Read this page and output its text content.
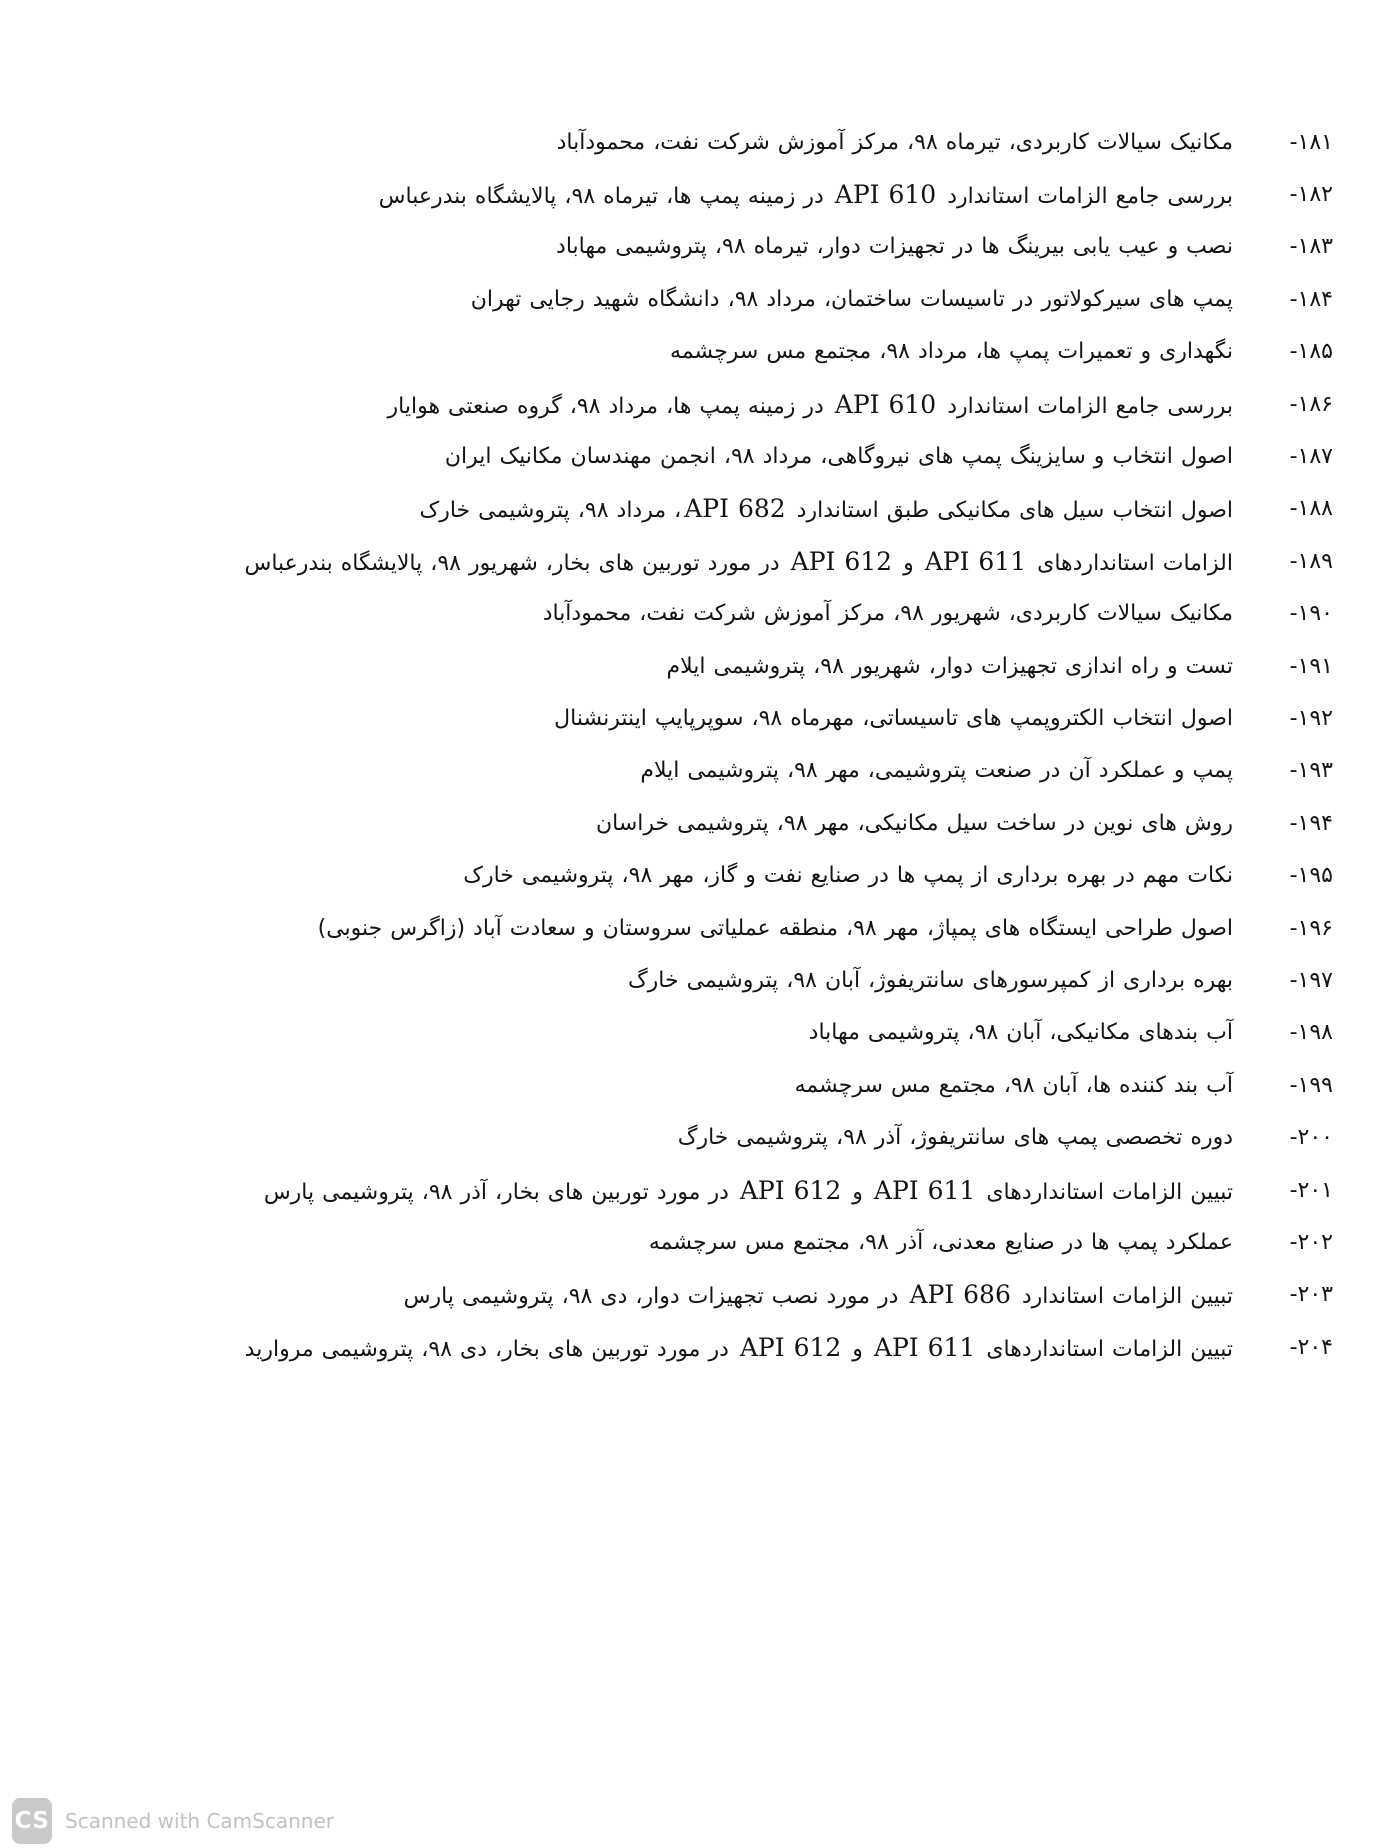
۱۸۱-
مکانیک سیالات کاربردی، تیرماه ۹۸، مرکز آموزش شرکت نفت، محمودآباد
۱۸۲-
بررسی جامع الزامات استاندارد API 610 در زمینه پمپ ها، تیرماه ۹۸، پالایشگاه بندرعباس
۱۸۳-
نصب و عیب یابی بیرینگ ها در تجهیزات دوار، تیرماه ۹۸، پتروشیمی مهاباد
۱۸۴-
پمپ های سیرکولاتور در تاسیسات ساختمان، مرداد ۹۸، دانشگاه شهید رجایی تهران
۱۸۵-
نگهداری و تعمیرات پمپ ها، مرداد ۹۸، مجتمع مس سرچشمه
۱۸۶-
بررسی جامع الزامات استاندارد API 610 در زمینه پمپ ها، مرداد ۹۸، گروه صنعتی هوایار
۱۸۷-
اصول انتخاب و سایزینگ پمپ های نیروگاهی، مرداد ۹۸، انجمن مهندسان مکانیک ایران
۱۸۸-
اصول انتخاب سیل های مکانیکی طبق استاندارد API 682، مرداد ۹۸، پتروشیمی خارک
۱۸۹-
الزامات استانداردهای API 611 و API 612 در مورد توربین های بخار، شهریور ۹۸، پالایشگاه بندرعباس
۱۹۰-
مکانیک سیالات کاربردی، شهریور ۹۸، مرکز آموزش شرکت نفت، محمودآباد
۱۹۱-
تست و راه اندازی تجهیزات دوار، شهریور ۹۸، پتروشیمی ایلام
۱۹۲-
اصول انتخاب الکتروپمپ های تاسیساتی، مهرماه ۹۸، سوپرپایپ اینترنشنال
۱۹۳-
پمپ و عملکرد آن در صنعت پتروشیمی، مهر ۹۸، پتروشیمی ایلام
۱۹۴-
روش های نوین در ساخت سیل مکانیکی، مهر ۹۸، پتروشیمی خراسان
۱۹۵-
نکات مهم در بهره برداری از پمپ ها در صنایع نفت و گاز، مهر ۹۸، پتروشیمی خارک
۱۹۶-
اصول طراحی ایستگاه های پمپاژ، مهر ۹۸، منطقه عملیاتی سروستان و سعادت آباد (زاگرس جنوبی)
۱۹۷-
بهره برداری از کمپرسورهای سانتریفوژ، آبان ۹۸، پتروشیمی خارگ
۱۹۸-
آب بندهای مکانیکی، آبان ۹۸، پتروشیمی مهاباد
۱۹۹-
آب بند کننده ها، آبان ۹۸، مجتمع مس سرچشمه
۲۰۰-
دوره تخصصی پمپ های سانتریفوژ، آذر ۹۸، پتروشیمی خارگ
۲۰۱-
تبیین الزامات استانداردهای API 611 و API 612 در مورد توربین های بخار، آذر ۹۸، پتروشیمی پارس
۲۰۲-
عملکرد پمپ ها در صنایع معدنی، آذر ۹۸، مجتمع مس سرچشمه
۲۰۳-
تبیین الزامات استاندارد API 686 در مورد نصب تجهیزات دوار، دی ۹۸، پتروشیمی پارس
۲۰۴-
تبیین الزامات استانداردهای API 611 و API 612 در مورد توربین های بخار، دی ۹۸، پتروشیمی مروارید
CS Scanned with CamScanner
